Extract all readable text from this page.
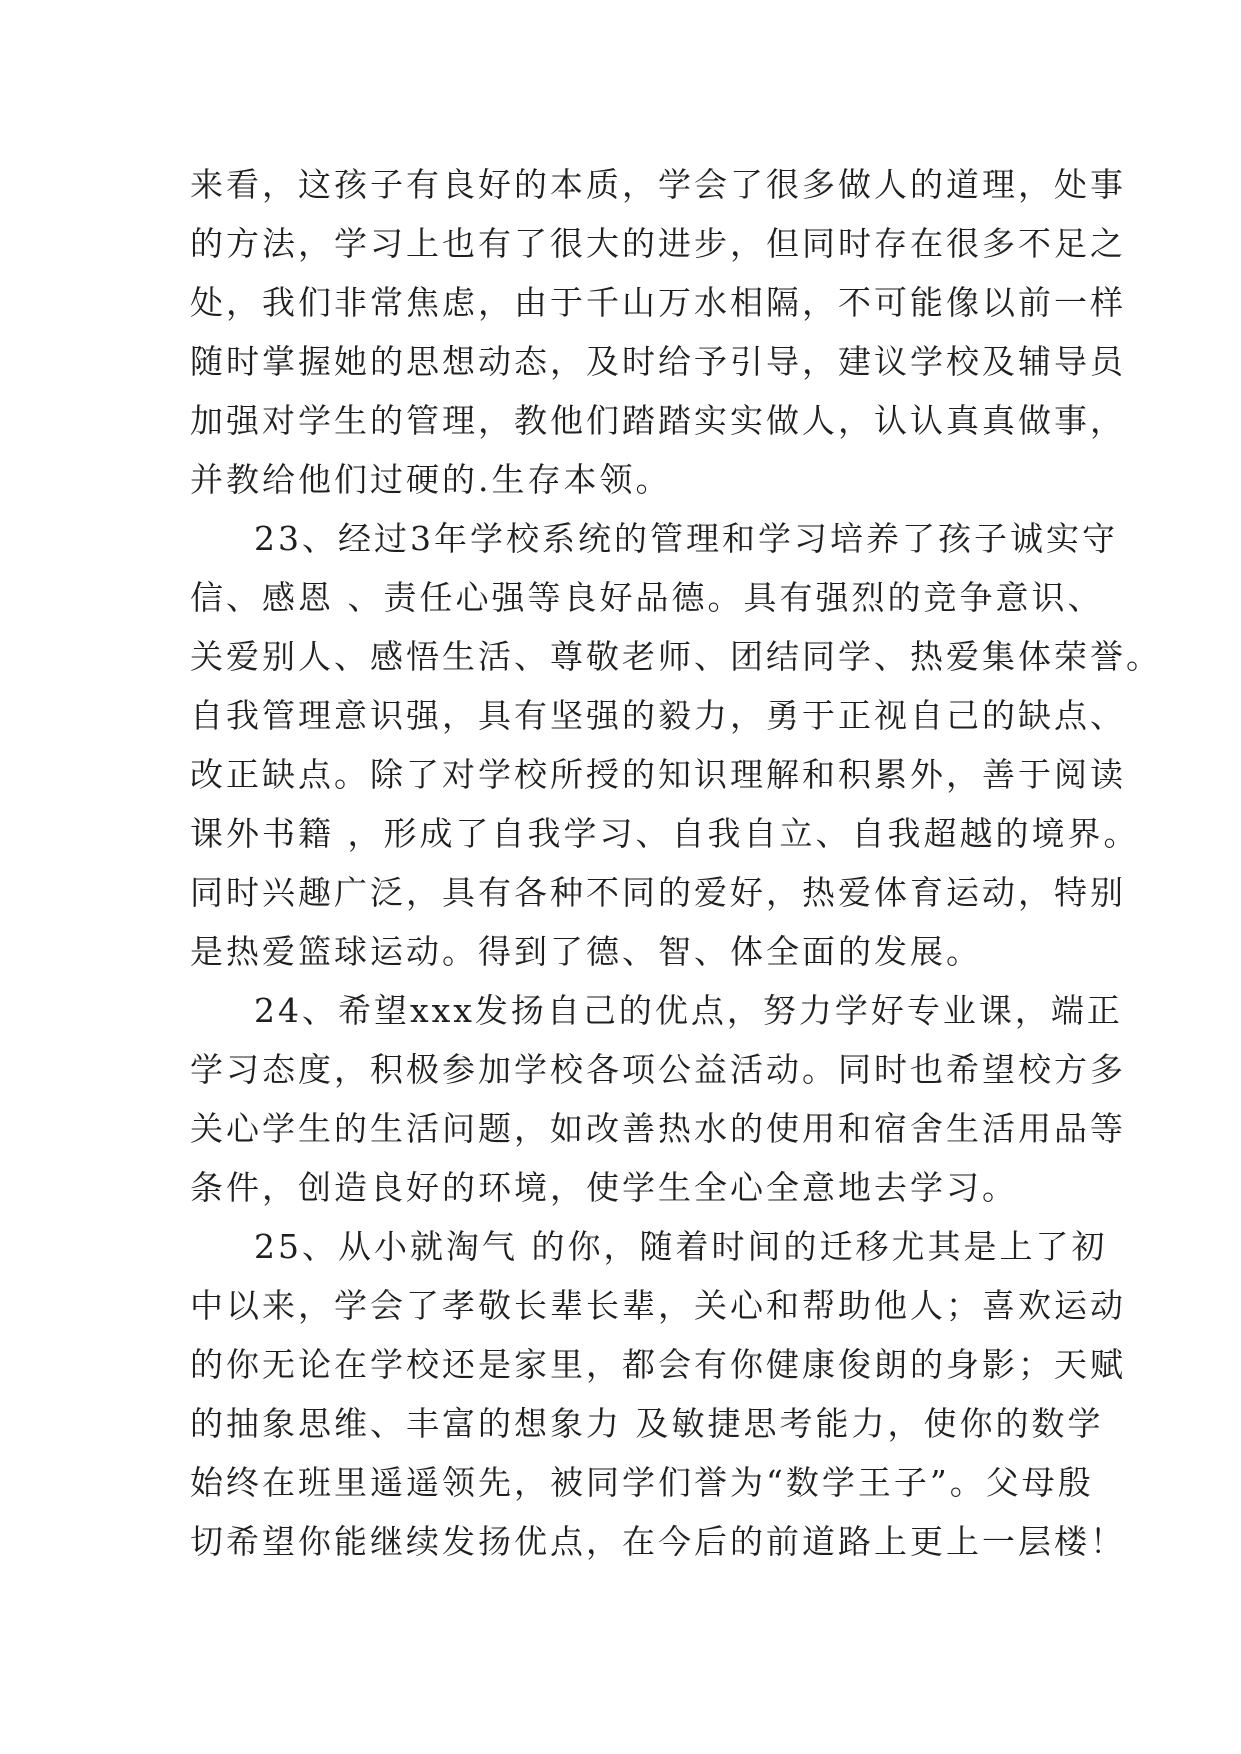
来看，这孩子有良好的本质，学会了很多做人的道理，处事
的方法，学习上也有了很大的进步，但同时存在很多不足之
处，我们非常焦虑，由于千山万水相隔，不可能像以前一样
随时掌握她的思想动态，及时给予引导，建议学校及辅导员
加强对学生的管理，教他们踏踏实实做人，认认真真做事，
并教给他们过硬的.生存本领。
23、经过3年学校系统的管理和学习培养了孩子诚实守
信、感恩 、责任心强等良好品德。具有强烈的竞争意识、
关爱别人、感悟生活、尊敬老师、团结同学、热爱集体荣誉。
自我管理意识强，具有坚强的毅力，勇于正视自己的缺点、
改正缺点。除了对学校所授的知识理解和积累外，善于阅读
课外书籍 ，形成了自我学习、自我自立、自我超越的境界。
同时兴趣广泛，具有各种不同的爱好，热爱体育运动，特别
是热爱篮球运动。得到了德、智、体全面的发展。
24、希望xxx发扬自己的优点，努力学好专业课，端正
学习态度，积极参加学校各项公益活动。同时也希望校方多
关心学生的生活问题，如改善热水的使用和宿舍生活用品等
条件，创造良好的环境，使学生全心全意地去学习。
25、从小就淘气 的你，随着时间的迁移尤其是上了初
中以来，学会了孝敬长辈长辈，关心和帮助他人；喜欢运动
的你无论在学校还是家里，都会有你健康俊朗的身影；天赋
的抽象思维、丰富的想象力 及敏捷思考能力，使你的数学
始终在班里遥遥领先，被同学们誉为“数学王子”。父母殷
切希望你能继续发扬优点，在今后的前道路上更上一层楼！
